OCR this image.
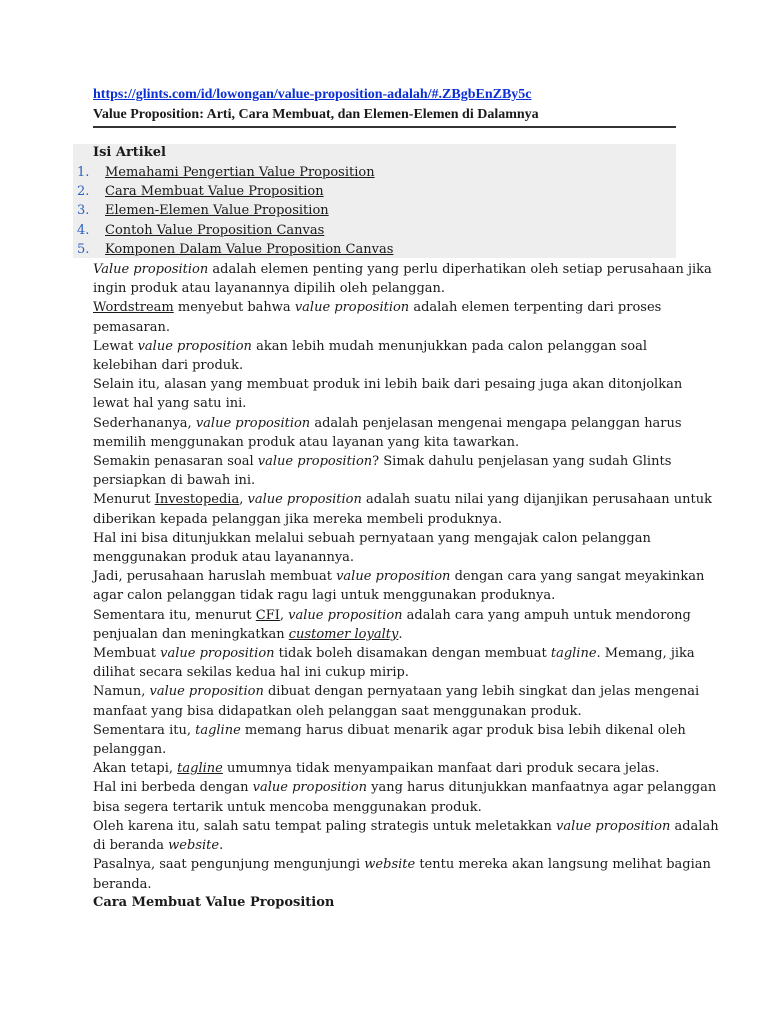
https://glints.com/id/lowongan/value-proposition-adalah/#.ZBgbEnZBy5c
Value Proposition: Arti, Cara Membuat, dan Elemen-Elemen di Dalamnya
Isi Artikel
1. Memahami Pengertian Value Proposition
2. Cara Membuat Value Proposition
3. Elemen-Elemen Value Proposition
4. Contoh Value Proposition Canvas
5. Komponen Dalam Value Proposition Canvas

Value proposition adalah elemen penting yang perlu diperhatikan oleh setiap perusahaan jika

ingin produk atau layanannya dipilih oleh pelanggan.

Wordstream menyebut bahwa value proposition adalah elemen terpenting dari proses

pemasaran.

Lewat value proposition akan lebih mudah menunjukkan pada calon pelanggan soal

kelebihan dari produk.

Selain itu, alasan yang membuat produk ini lebih baik dari pesaing juga akan ditonjolkan

lewat hal yang satu ini.

Sederhananya, value proposition adalah penjelasan mengenai mengapa pelanggan harus

memilih menggunakan produk atau layanan yang kita tawarkan.

Semakin penasaran soal value proposition? Simak dahulu penjelasan yang sudah Glints

persiapkan di bawah ini.

Menurut Investopedia, value proposition adalah suatu nilai yang dijanjikan perusahaan untuk

diberikan kepada pelanggan jika mereka membeli produknya.

Hal ini bisa ditunjukkan melalui sebuah pernyataan yang mengajak calon pelanggan

menggunakan produk atau layanannya.

Jadi, perusahaan haruslah membuat value proposition dengan cara yang sangat meyakinkan

agar calon pelanggan tidak ragu lagi untuk menggunakan produknya.

Sementara itu, menurut CFI, value proposition adalah cara yang ampuh untuk mendorong

penjualan dan meningkatkan customer loyalty.

Membuat value proposition tidak boleh disamakan dengan membuat tagline. Memang, jika

dilihat secara sekilas kedua hal ini cukup mirip.

Namun, value proposition dibuat dengan pernyataan yang lebih singkat dan jelas mengenai

manfaat yang bisa didapatkan oleh pelanggan saat menggunakan produk.

Sementara itu, tagline memang harus dibuat menarik agar produk bisa lebih dikenal oleh

pelanggan.

Akan tetapi, tagline umumnya tidak menyampaikan manfaat dari produk secara jelas.

Hal ini berbeda dengan value proposition yang harus ditunjukkan manfaatnya agar pelanggan

bisa segera tertarik untuk mencoba menggunakan produk.

Oleh karena itu, salah satu tempat paling strategis untuk meletakkan value proposition adalah

di beranda website.

Pasalnya, saat pengunjung mengunjungi website tentu mereka akan langsung melihat bagian

beranda.

Cara Membuat Value Proposition
